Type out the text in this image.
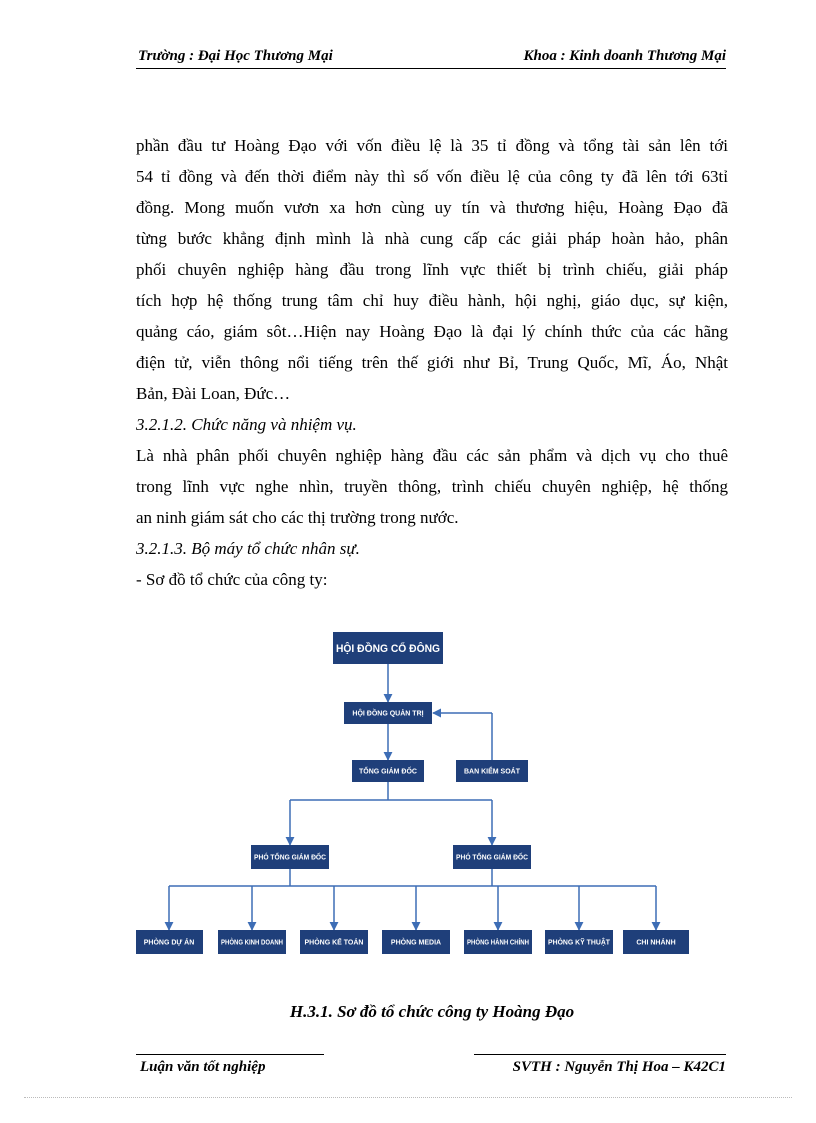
Trường : Đại Học Thương Mại	Khoa : Kinh doanh Thương Mại

phần đầu tư Hoàng Đạo với vốn điều lệ là 35 tỉ đồng và tổng tài sản lên tới

54 tỉ đồng và đến thời điểm này thì số vốn điều lệ của công ty đã lên tới 63tỉ

đồng. Mong muốn vươn xa hơn cùng uy tín và thương hiệu, Hoàng Đạo đã

từng bước khẳng định mình là nhà cung cấp các giải pháp hoàn hảo, phân

phối chuyên nghiệp hàng đầu trong lĩnh vực thiết bị trình chiếu, giải pháp

tích hợp hệ thống trung tâm chỉ huy điều hành, hội nghị, giáo dục, sự kiện,

quảng cáo, giám sôt…Hiện nay Hoàng Đạo là đại lý chính thức của các hãng

điện tử, viễn thông nổi tiếng trên thế giới như Bỉ, Trung Quốc, Mĩ, Áo, Nhật

Bản, Đài Loan, Đức…

3.2.1.2. Chức năng và nhiệm vụ.

Là nhà phân phối chuyên nghiệp hàng đầu các sản phẩm và dịch vụ cho thuê

trong lĩnh vực nghe nhìn, truyền thông, trình chiếu chuyên nghiệp, hệ thống

an ninh giám sát cho các thị trường trong nước.

3.2.1.3. Bộ máy tổ chức nhân sự.

- Sơ đồ tổ chức của công ty:

HỘI ĐỒNG CỔ ĐÔNG
HỘI ĐỒNG QUẢN TRỊ
TỔNG GIÁM ĐỐC	BAN KIỂM SOÁT
PHÓ TỔNG GIÁM ĐỐC	PHÓ TỔNG GIÁM ĐỐC
PHÒNG DỰ ÁN	PHÒNG KINH DOANH PHÒNG KẾ TOÁN	PHÒNG MEDIA	PHÒNG HÀNH CHÍNH PHÒNG KỸ THUẬT	CHI NHÁNH
H.3.1. Sơ đồ tổ chức công ty Hoàng Đạo
Luận văn tốt nghiệp	SVTH : Nguyễn Thị Hoa – K42C1
